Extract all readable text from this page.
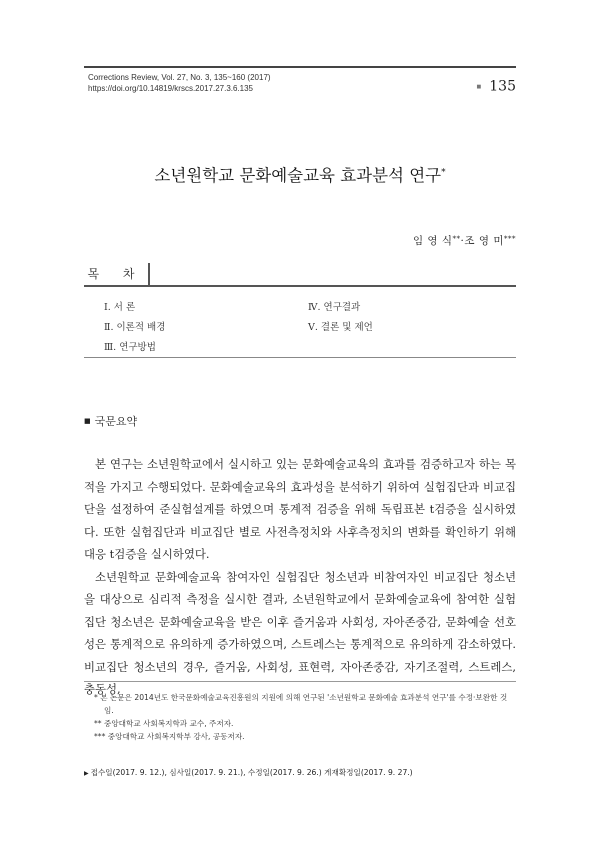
Corrections Review, Vol. 27, No. 3, 135~160 (2017)
https://doi.org/10.14819/krscs.2017.27.3.6.135	■ 135
소년원학교 문화예술교육 효과분석 연구*
임 영 식**·조 영 미***
목 차
Ⅰ. 서 론
Ⅱ. 이론적 배경
Ⅲ. 연구방법
Ⅳ. 연구결과
Ⅴ. 결론 및 제언
■ 국문요약

본 연구는 소년원학교에서 실시하고 있는 문화예술교육의 효과를 검증하고자 하는 목적을 가지고 수행되었다. 문화예술교육의 효과성을 분석하기 위하여 실험집단과 비교집단을 설정하여 준실험설계를 하였으며 통계적 검증을 위해 독립표본 t검증을 실시하였다. 또한 실험집단과 비교집단 별로 사전측정치와 사후측정치의 변화를 확인하기 위해 대응 t검증을 실시하였다.

소년원학교 문화예술교육 참여자인 실험집단 청소년과 비참여자인 비교집단 청소년을 대상으로 심리적 측정을 실시한 결과, 소년원학교에서 문화예술교육에 참여한 실험집단 청소년은 문화예술교육을 받은 이후 즐거움과 사회성, 자아존중감, 문화예술 선호성은 통계적으로 유의하게 증가하였으며, 스트레스는 통계적으로 유의하게 감소하였다. 비교집단 청소년의 경우, 즐거움, 사회성, 표현력, 자아존중감, 자기조절력, 스트레스, 충동성,

* 본 논문은 2014년도 한국문화예술교육진흥원의 지원에 의해 연구된 '소년원학교 문화예술 효과분석 연구'를 수정·보완한 것임.
** 중앙대학교 사회복지학과 교수, 주저자.
*** 중앙대학교 사회복지학부 강사, 공동저자.
▶ 접수일(2017. 9. 12.), 심사일(2017. 9. 21.), 수정일(2017. 9. 26.) 게재확정일(2017. 9. 27.)
